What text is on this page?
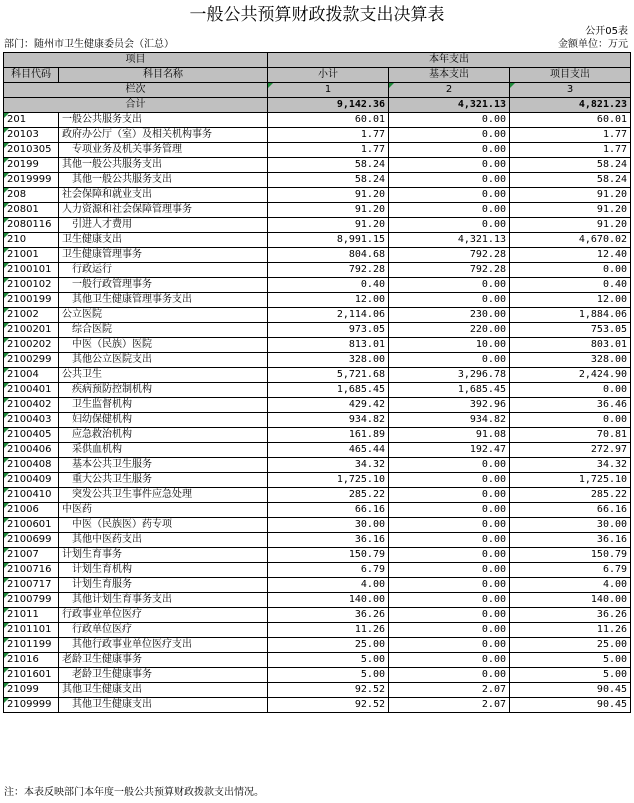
一般公共预算财政拨款支出决算表
公开05表
部门：随州市卫生健康委员会（汇总）	金额单位：万元
项目		本年支出		
科目代码	科目名称	小计	基本支出	项目支出
栏次		1	2	3
合计		9,142.36	4,321.13	4,821.23

201	一般公共服务支出	60.01	0.00	60.01

20103	政府办公厅（室）及相关机构事务	1.77	0.00	1.77

2010305	专项业务及机关事务管理	1.77	0.00	1.77

20199	其他一般公共服务支出	58.24	0.00	58.24

2019999	其他一般公共服务支出	58.24	0.00	58.24

208	社会保障和就业支出	91.20	0.00	91.20

20801	人力资源和社会保障管理事务	91.20	0.00	91.20

2080116	引进人才费用	91.20	0.00	91.20

210	卫生健康支出	8,991.15	4,321.13	4,670.02

21001	卫生健康管理事务	804.68	792.28	12.40

2100101	行政运行	792.28	792.28	0.00

2100102	一般行政管理事务	0.40	0.00	0.40

2100199	其他卫生健康管理事务支出	12.00	0.00	12.00

21002	公立医院	2,114.06	230.00	1,884.06

2100201	综合医院	973.05	220.00	753.05

2100202	中医（民族）医院	813.01	10.00	803.01

2100299	其他公立医院支出	328.00	0.00	328.00

21004	公共卫生	5,721.68	3,296.78	2,424.90

2100401	疾病预防控制机构	1,685.45	1,685.45	0.00

2100402	卫生监督机构	429.42	392.96	36.46

2100403	妇幼保健机构	934.82	934.82	0.00

2100405	应急救治机构	161.89	91.08	70.81

2100406	采供血机构	465.44	192.47	272.97

2100408	基本公共卫生服务	34.32	0.00	34.32

2100409	重大公共卫生服务	1,725.10	0.00	1,725.10

2100410	突发公共卫生事件应急处理	285.22	0.00	285.22

21006	中医药	66.16	0.00	66.16

2100601	中医（民族医）药专项	30.00	0.00	30.00

2100699	其他中医药支出	36.16	0.00	36.16

21007	计划生育事务	150.79	0.00	150.79

2100716	计划生育机构	6.79	0.00	6.79

2100717	计划生育服务	4.00	0.00	4.00

2100799	其他计划生育事务支出	140.00	0.00	140.00

21011	行政事业单位医疗	36.26	0.00	36.26

2101101	行政单位医疗	11.26	0.00	11.26

2101199	其他行政事业单位医疗支出	25.00	0.00	25.00

21016	老龄卫生健康事务	5.00	0.00	5.00

2101601	老龄卫生健康事务	5.00	0.00	5.00

21099	其他卫生健康支出	92.52	2.07	90.45

2109999	其他卫生健康支出	92.52	2.07	90.45
注：本表反映部门本年度一般公共预算财政拨款支出情况。
